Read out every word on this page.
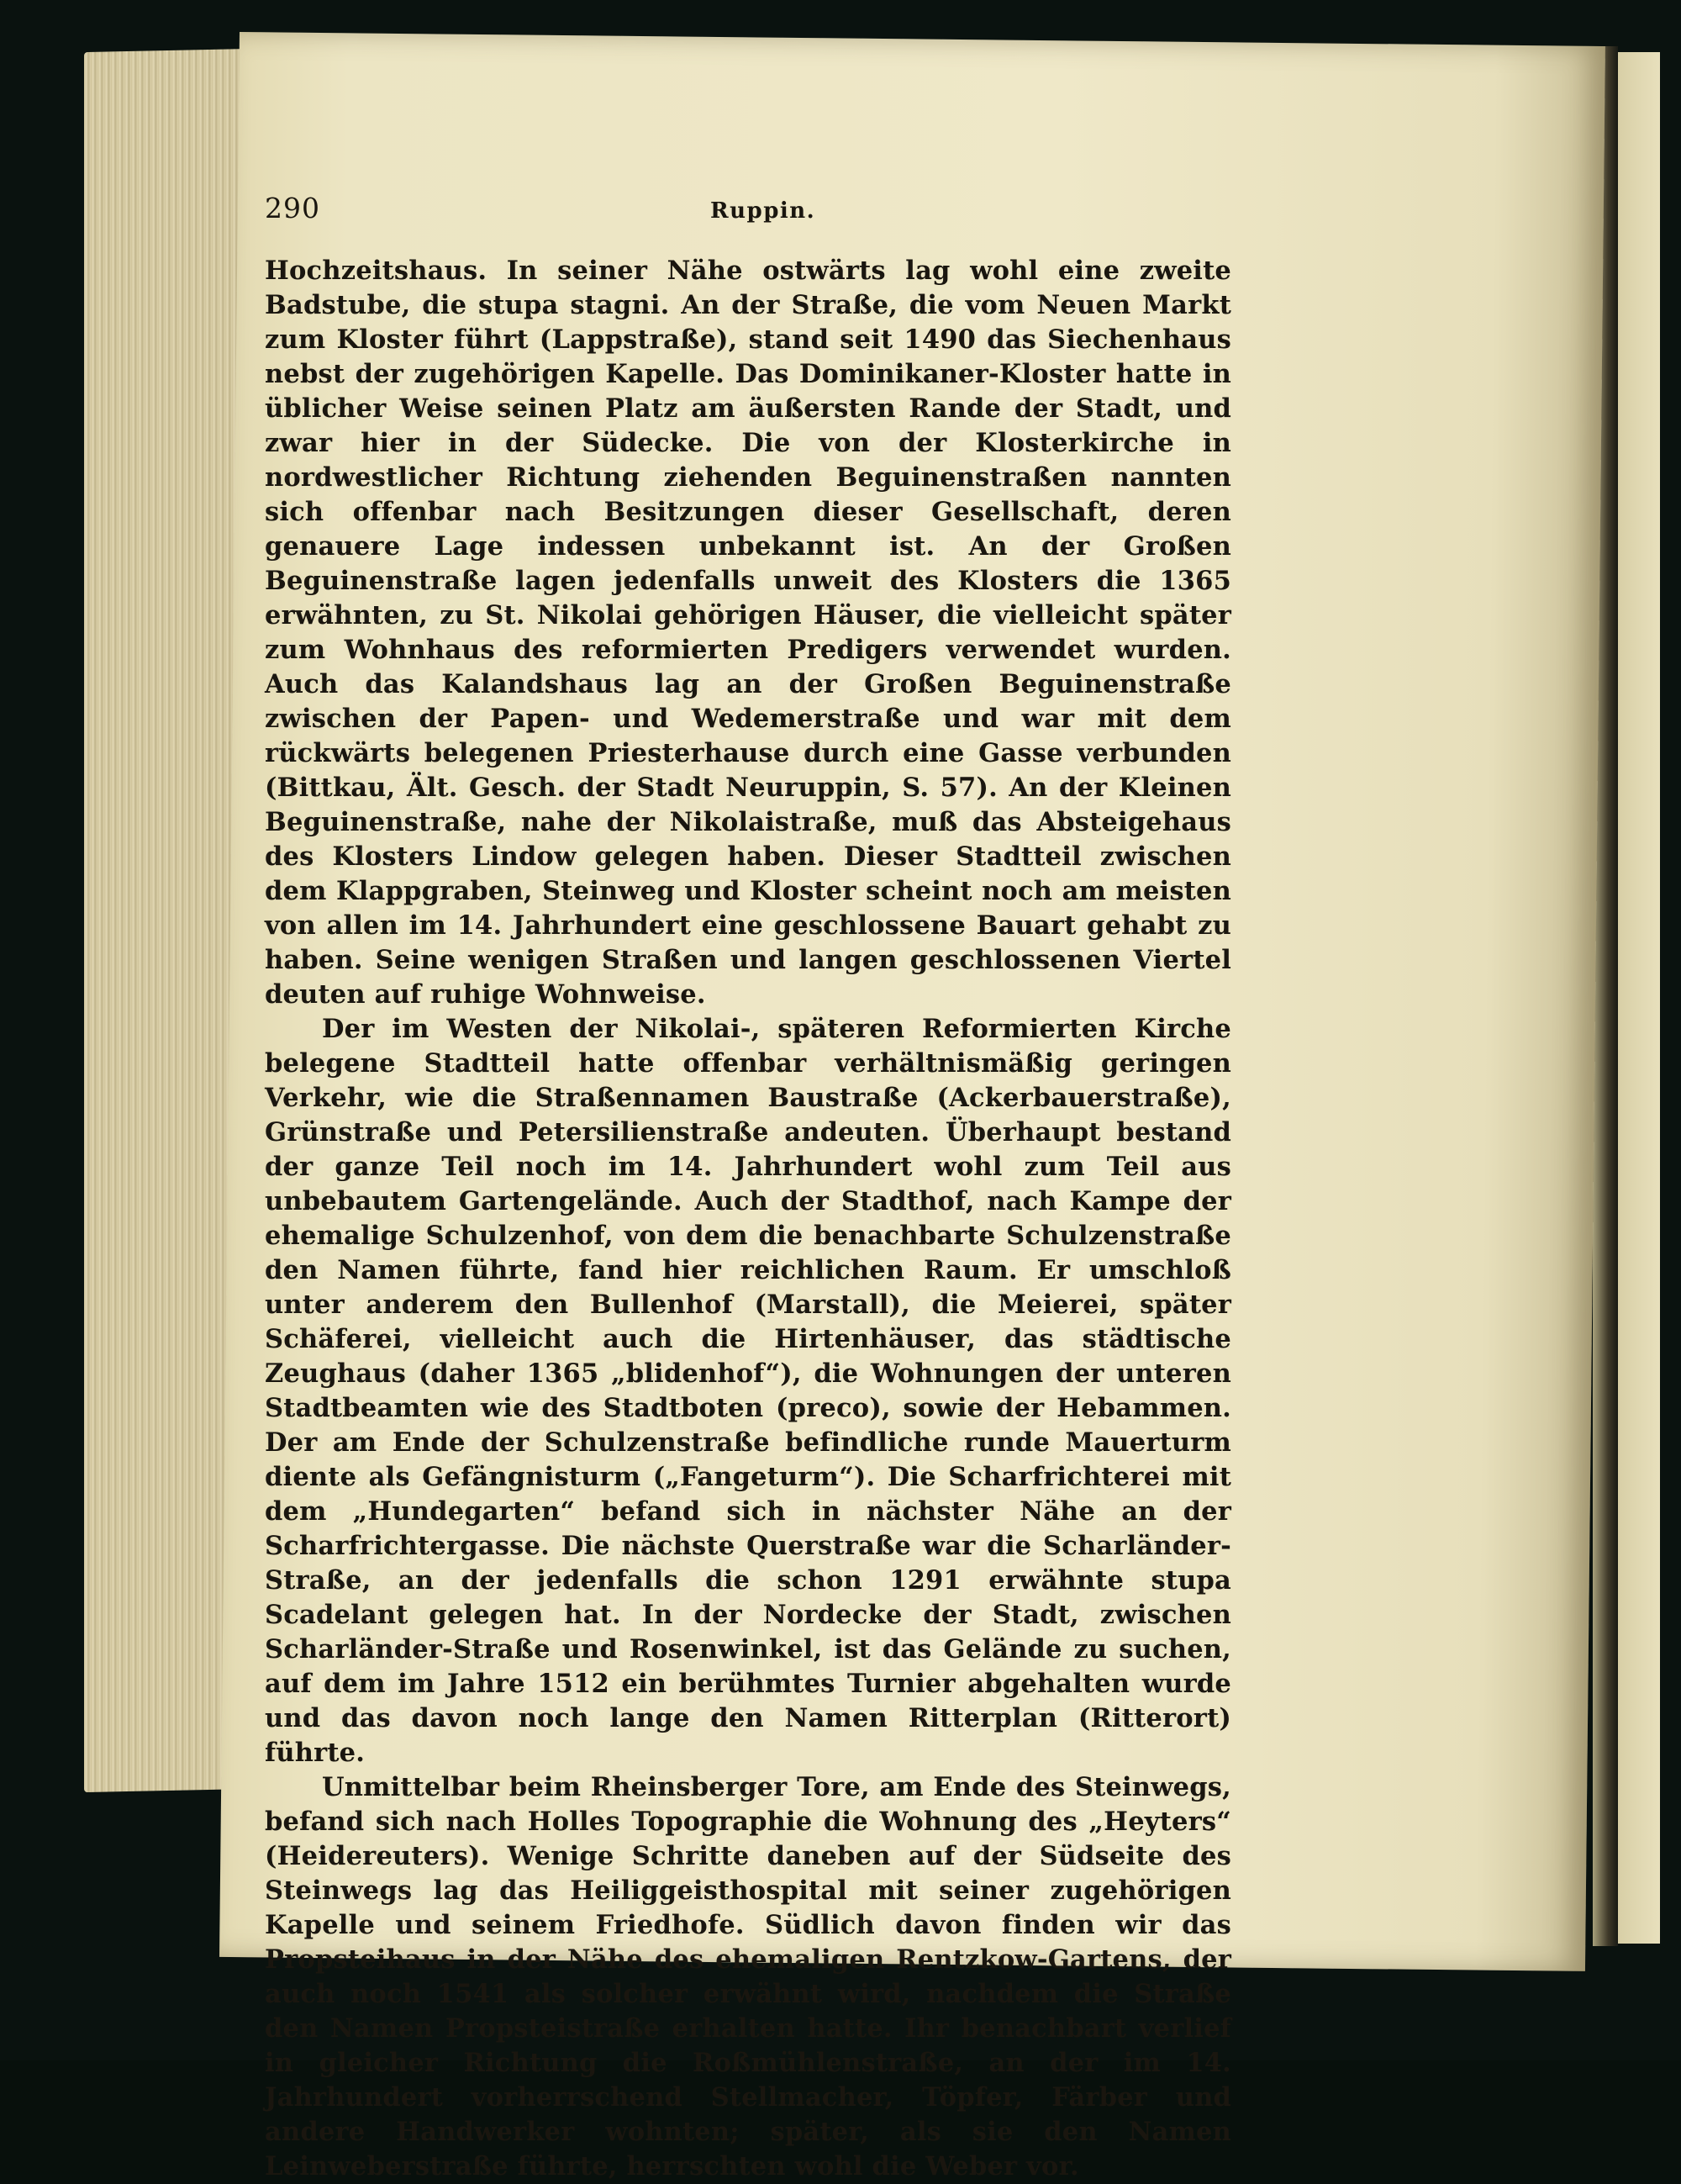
290	Ruppin.

Hochzeitshaus. In seiner Nähe ostwärts lag wohl eine zweite Badstube, die stupa stagni. An der Straße, die vom Neuen Markt zum Kloster führt (Lappstraße), stand seit 1490 das Siechenhaus nebst der zugehörigen Kapelle. Das Dominikaner-Kloster hatte in üblicher Weise seinen Platz am äußersten Rande der Stadt, und zwar hier in der Südecke. Die von der Klosterkirche in nordwestlicher Richtung ziehenden Beguinenstraßen nannten sich offenbar nach Besitzungen dieser Gesellschaft, deren genauere Lage indessen unbekannt ist. An der Großen Beguinenstraße lagen jedenfalls unweit des Klosters die 1365 erwähnten, zu St. Nikolai gehörigen Häuser, die vielleicht später zum Wohnhaus des reformierten Predigers verwendet wurden. Auch das Kalandshaus lag an der Großen Beguinenstraße zwischen der Papen- und Wedemerstraße und war mit dem rückwärts belegenen Priesterhause durch eine Gasse verbunden (Bittkau, Ält. Gesch. der Stadt Neuruppin, S. 57). An der Kleinen Beguinenstraße, nahe der Nikolaistraße, muß das Absteigehaus des Klosters Lindow gelegen haben. Dieser Stadtteil zwischen dem Klappgraben, Steinweg und Kloster scheint noch am meisten von allen im 14. Jahrhundert eine geschlossene Bauart gehabt zu haben. Seine wenigen Straßen und langen geschlossenen Viertel deuten auf ruhige Wohnweise.

Der im Westen der Nikolai-, späteren Reformierten Kirche belegene Stadtteil hatte offenbar verhältnismäßig geringen Verkehr, wie die Straßennamen Baustraße (Ackerbauerstraße), Grünstraße und Petersilienstraße andeuten. Überhaupt bestand der ganze Teil noch im 14. Jahrhundert wohl zum Teil aus unbebautem Gartengelände. Auch der Stadthof, nach Kampe der ehemalige Schulzenhof, von dem die benachbarte Schulzenstraße den Namen führte, fand hier reichlichen Raum. Er umschloß unter anderem den Bullenhof (Marstall), die Meierei, später Schäferei, vielleicht auch die Hirtenhäuser, das städtische Zeughaus (daher 1365 „blidenhof“), die Wohnungen der unteren Stadtbeamten wie des Stadtboten (preco), sowie der Hebammen. Der am Ende der Schulzenstraße befindliche runde Mauerturm diente als Gefängnisturm („Fangeturm“). Die Scharfrichterei mit dem „Hundegarten“ befand sich in nächster Nähe an der Scharfrichtergasse. Die nächste Querstraße war die Scharländer-Straße, an der jedenfalls die schon 1291 erwähnte stupa Scadelant gelegen hat. In der Nordecke der Stadt, zwischen Scharländer-Straße und Rosenwinkel, ist das Gelände zu suchen, auf dem im Jahre 1512 ein berühmtes Turnier abgehalten wurde und das davon noch lange den Namen Ritterplan (Ritterort) führte.

Unmittelbar beim Rheinsberger Tore, am Ende des Steinwegs, befand sich nach Holles Topographie die Wohnung des „Heyters“ (Heidereuters). Wenige Schritte daneben auf der Südseite des Steinwegs lag das Heiliggeisthospital mit seiner zugehörigen Kapelle und seinem Friedhofe. Südlich davon finden wir das Propsteihaus in der Nähe des ehemaligen Rentzkow-Gartens, der auch noch 1541 als solcher erwähnt wird, nachdem die Straße den Namen Propsteistraße erhalten hatte. Ihr benachbart verlief in gleicher Richtung die Roßmühlenstraße, an der im 14. Jahrhundert vorherrschend Stellmacher, Töpfer, Färber und andere Handwerker wohnten; später, als sie den Namen Leinweberstraße führte, herrschten wohl die Weber vor.
